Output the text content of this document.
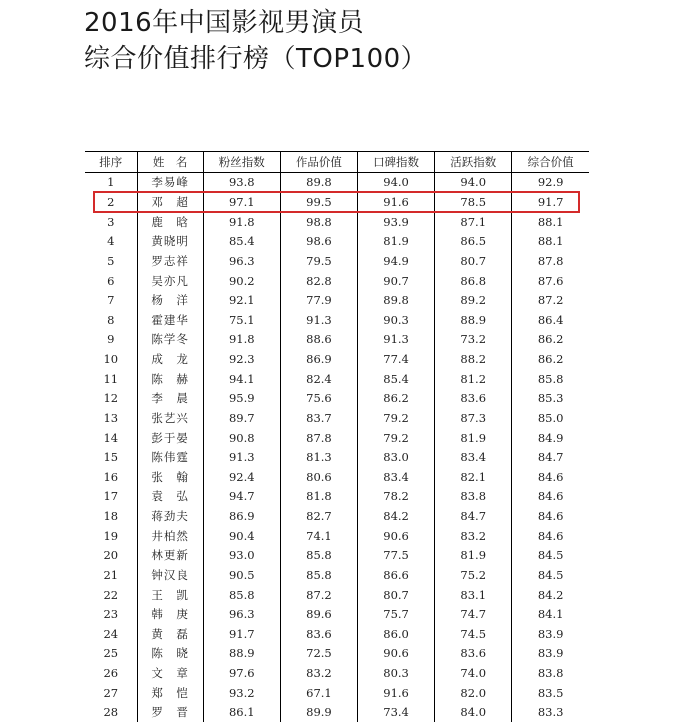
2016年中国影视男演员
综合价值排行榜（TOP100）
排序	姓　名	粉丝指数	作品价值	口碑指数	活跃指数	综合价值
1	李易峰	93.8	89.8	94.0	94.0	92.9
2	邓　超	97.1	99.5	91.6	78.5	91.7
3	鹿　晗	91.8	98.8	93.9	87.1	88.1
4	黄晓明	85.4	98.6	81.9	86.5	88.1
5	罗志祥	96.3	79.5	94.9	80.7	87.8
6	吴亦凡	90.2	82.8	90.7	86.8	87.6
7	杨　洋	92.1	77.9	89.8	89.2	87.2
8	霍建华	75.1	91.3	90.3	88.9	86.4
9	陈学冬	91.8	88.6	91.3	73.2	86.2
10	成　龙	92.3	86.9	77.4	88.2	86.2
11	陈　赫	94.1	82.4	85.4	81.2	85.8
12	李　晨	95.9	75.6	86.2	83.6	85.3
13	张艺兴	89.7	83.7	79.2	87.3	85.0
14	彭于晏	90.8	87.8	79.2	81.9	84.9
15	陈伟霆	91.3	81.3	83.0	83.4	84.7
16	张　翰	92.4	80.6	83.4	82.1	84.6
17	袁　弘	94.7	81.8	78.2	83.8	84.6
18	蒋劲夫	86.9	82.7	84.2	84.7	84.6
19	井柏然	90.4	74.1	90.6	83.2	84.6
20	林更新	93.0	85.8	77.5	81.9	84.5
21	钟汉良	90.5	85.8	86.6	75.2	84.5
22	王　凯	85.8	87.2	80.7	83.1	84.2
23	韩　庚	96.3	89.6	75.7	74.7	84.1
24	黄　磊	91.7	83.6	86.0	74.5	83.9
25	陈　晓	88.9	72.5	90.6	83.6	83.9
26	文　章	97.6	83.2	80.3	74.0	83.8
27	郑　恺	93.2	67.1	91.6	82.0	83.5
28	罗　晋	86.1	89.9	73.4	84.0	83.3
